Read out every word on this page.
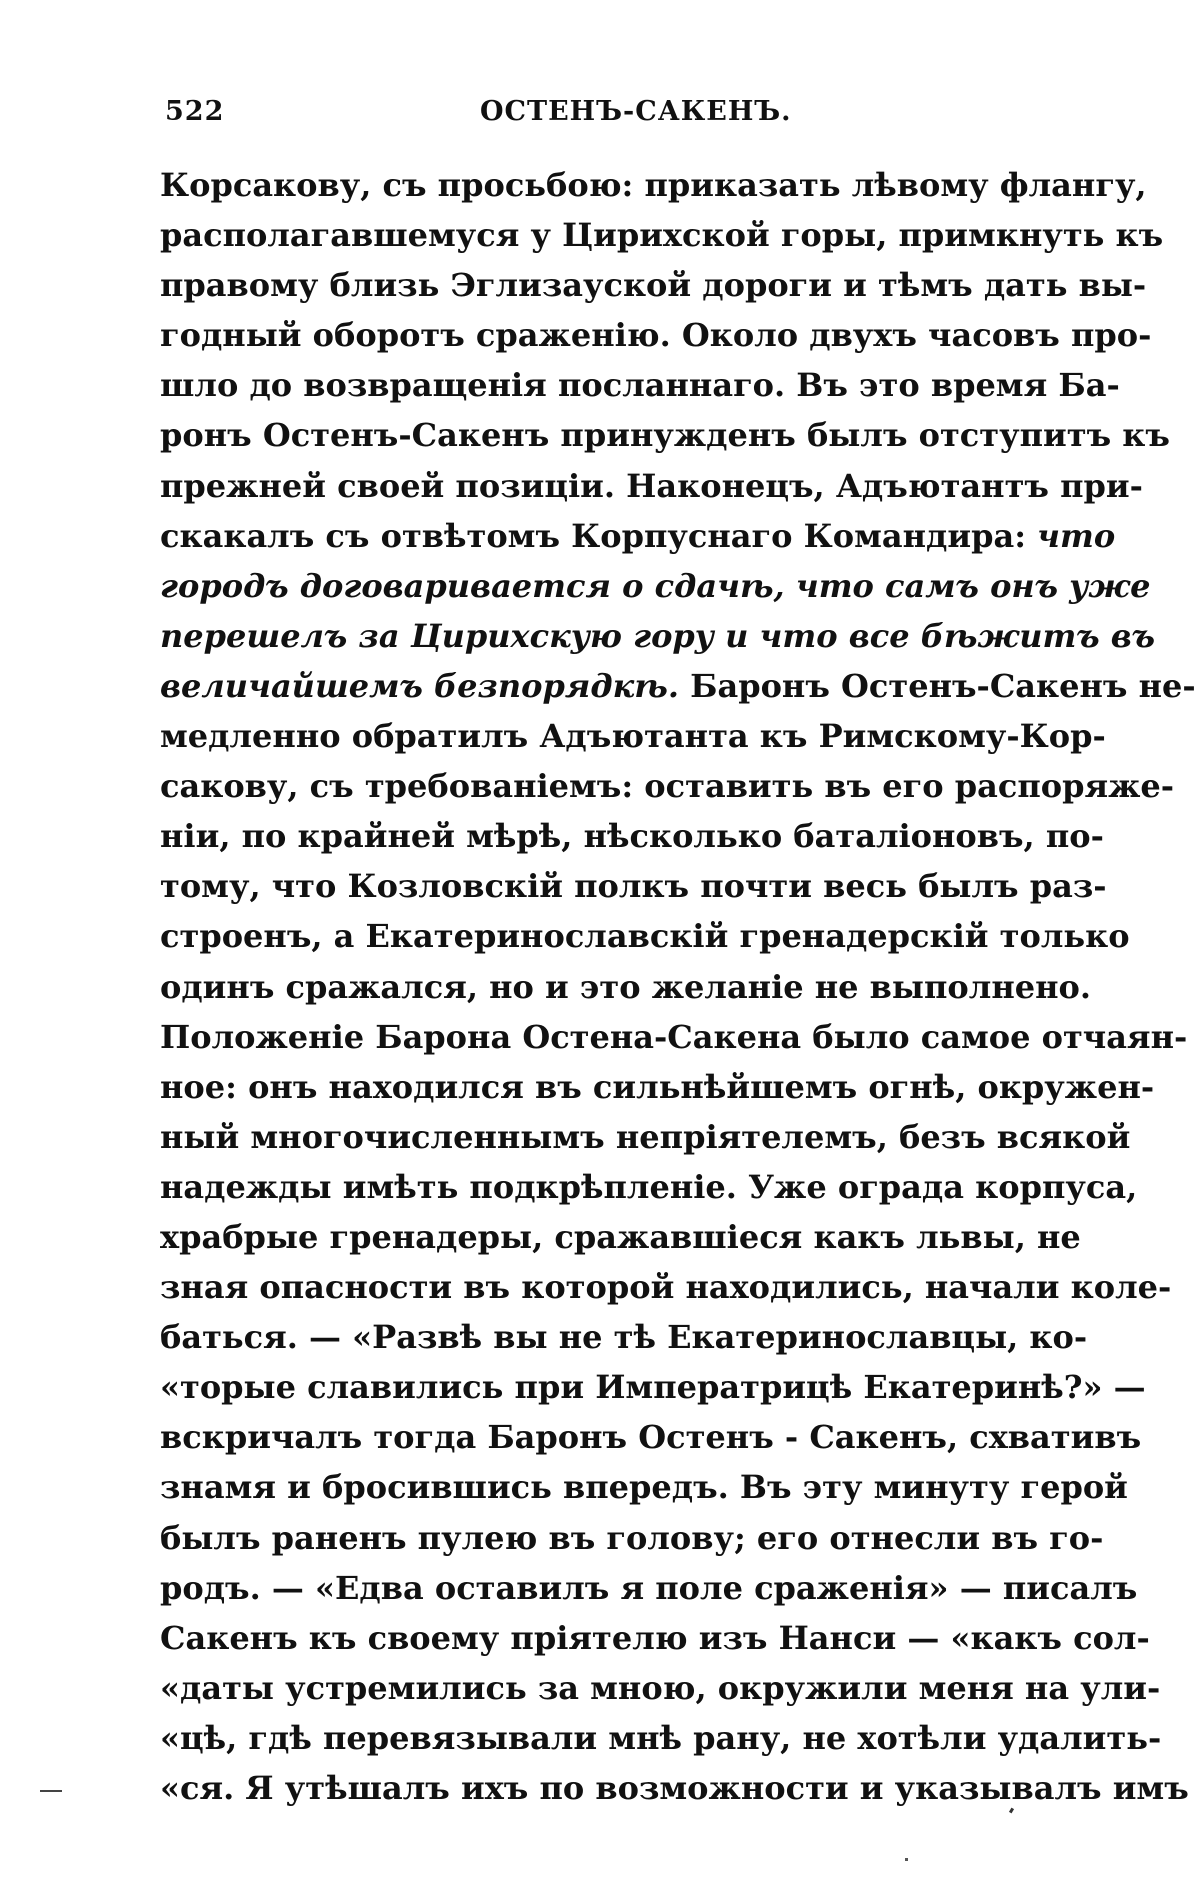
522	ОСТЕНЪ-САКЕНЪ.
Корсакову, съ просьбою: приказать лѣвому флангу,
располагавшемуся у Цирихской горы, примкнуть къ
правому близь Эглизауской дороги и тѣмъ дать вы-
годный оборотъ сраженію. Около двухъ часовъ про-
шло до возвращенія посланнаго. Въ это время Ба-
ронъ Остенъ-Сакенъ принужденъ былъ отступитъ къ
прежней своей позиціи. Наконецъ, Адъютантъ при-
скакалъ съ отвѣтомъ Корпуснаго Командира: что
городъ договаривается о сдачѣ, что самъ онъ уже
перешелъ за Цирихскую гору и что все бѣжитъ въ
величайшемъ безпорядкѣ. Баронъ Остенъ-Сакенъ не-
медленно обратилъ Адъютанта къ Римскому-Кор-
сакову, съ требованіемъ: оставить въ его распоряже-
ніи, по крайней мѣрѣ, нѣсколько баталіоновъ, по-
тому, что Козловскій полкъ почти весь былъ раз-
строенъ, а Екатеринославскій гренадерскій только
одинъ сражался, но и это желаніе не выполнено.
Положеніе Барона Остена-Сакена было самое отчаян-
ное: онъ находился въ сильнѣйшемъ огнѣ, окружен-
ный многочисленнымъ непріятелемъ, безъ всякой
надежды имѣть подкрѣпленіе. Уже ограда корпуса,
храбрые гренадеры, сражавшіеся какъ львы, не
зная опасности въ которой находились, начали коле-
баться. — «Развѣ вы не тѣ Екатеринославцы, ко-
«торые славились при Императрицѣ Екатеринѣ?» —
вскричалъ тогда Баронъ Остенъ - Сакенъ, схвативъ
знамя и бросившись впередъ. Въ эту минуту герой
былъ раненъ пулею въ голову; его отнесли въ го-
родъ. — «Едва оставилъ я поле сраженія» — писалъ
Сакенъ къ своему пріятелю изъ Нанси — «какъ сол-
«даты устремились за мною, окружили меня на ули-
«цѣ, гдѣ перевязывали мнѣ рану, не хотѣли удалить-
«ся. Я утѣшалъ ихъ по возможности и указывалъ имъ
